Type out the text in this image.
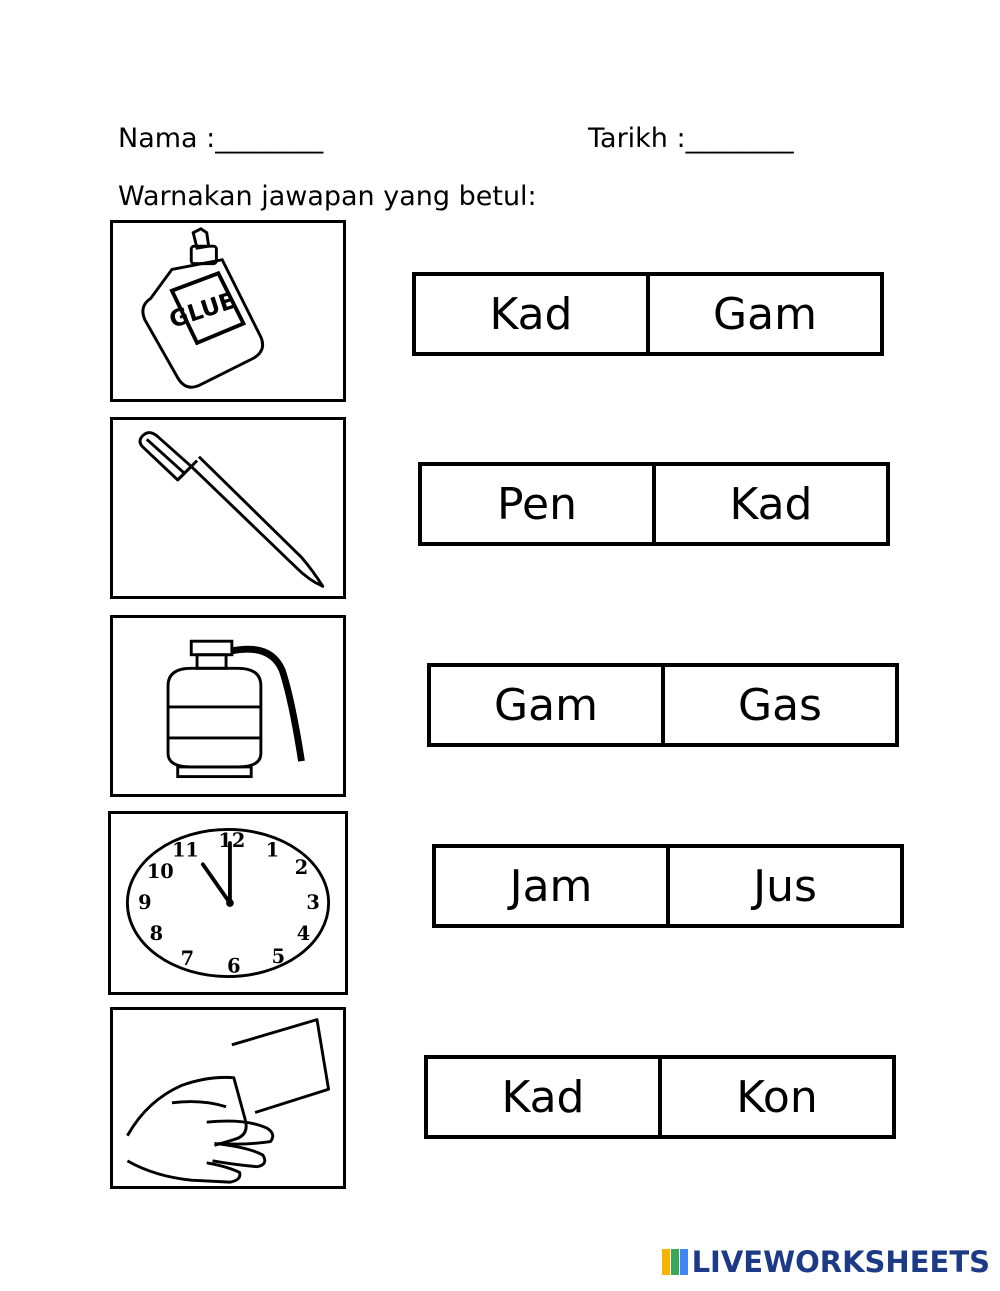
Nama :________	Tarikh :________
Warnakan jawapan yang betul:
GLUE	Kad	Gam
Pen	Kad
Gam	Gas
12 1
2
3
4
5
6
7
8
9
10
11
Jam	Jus
Kad	Kon
LIVEWORKSHEETS
